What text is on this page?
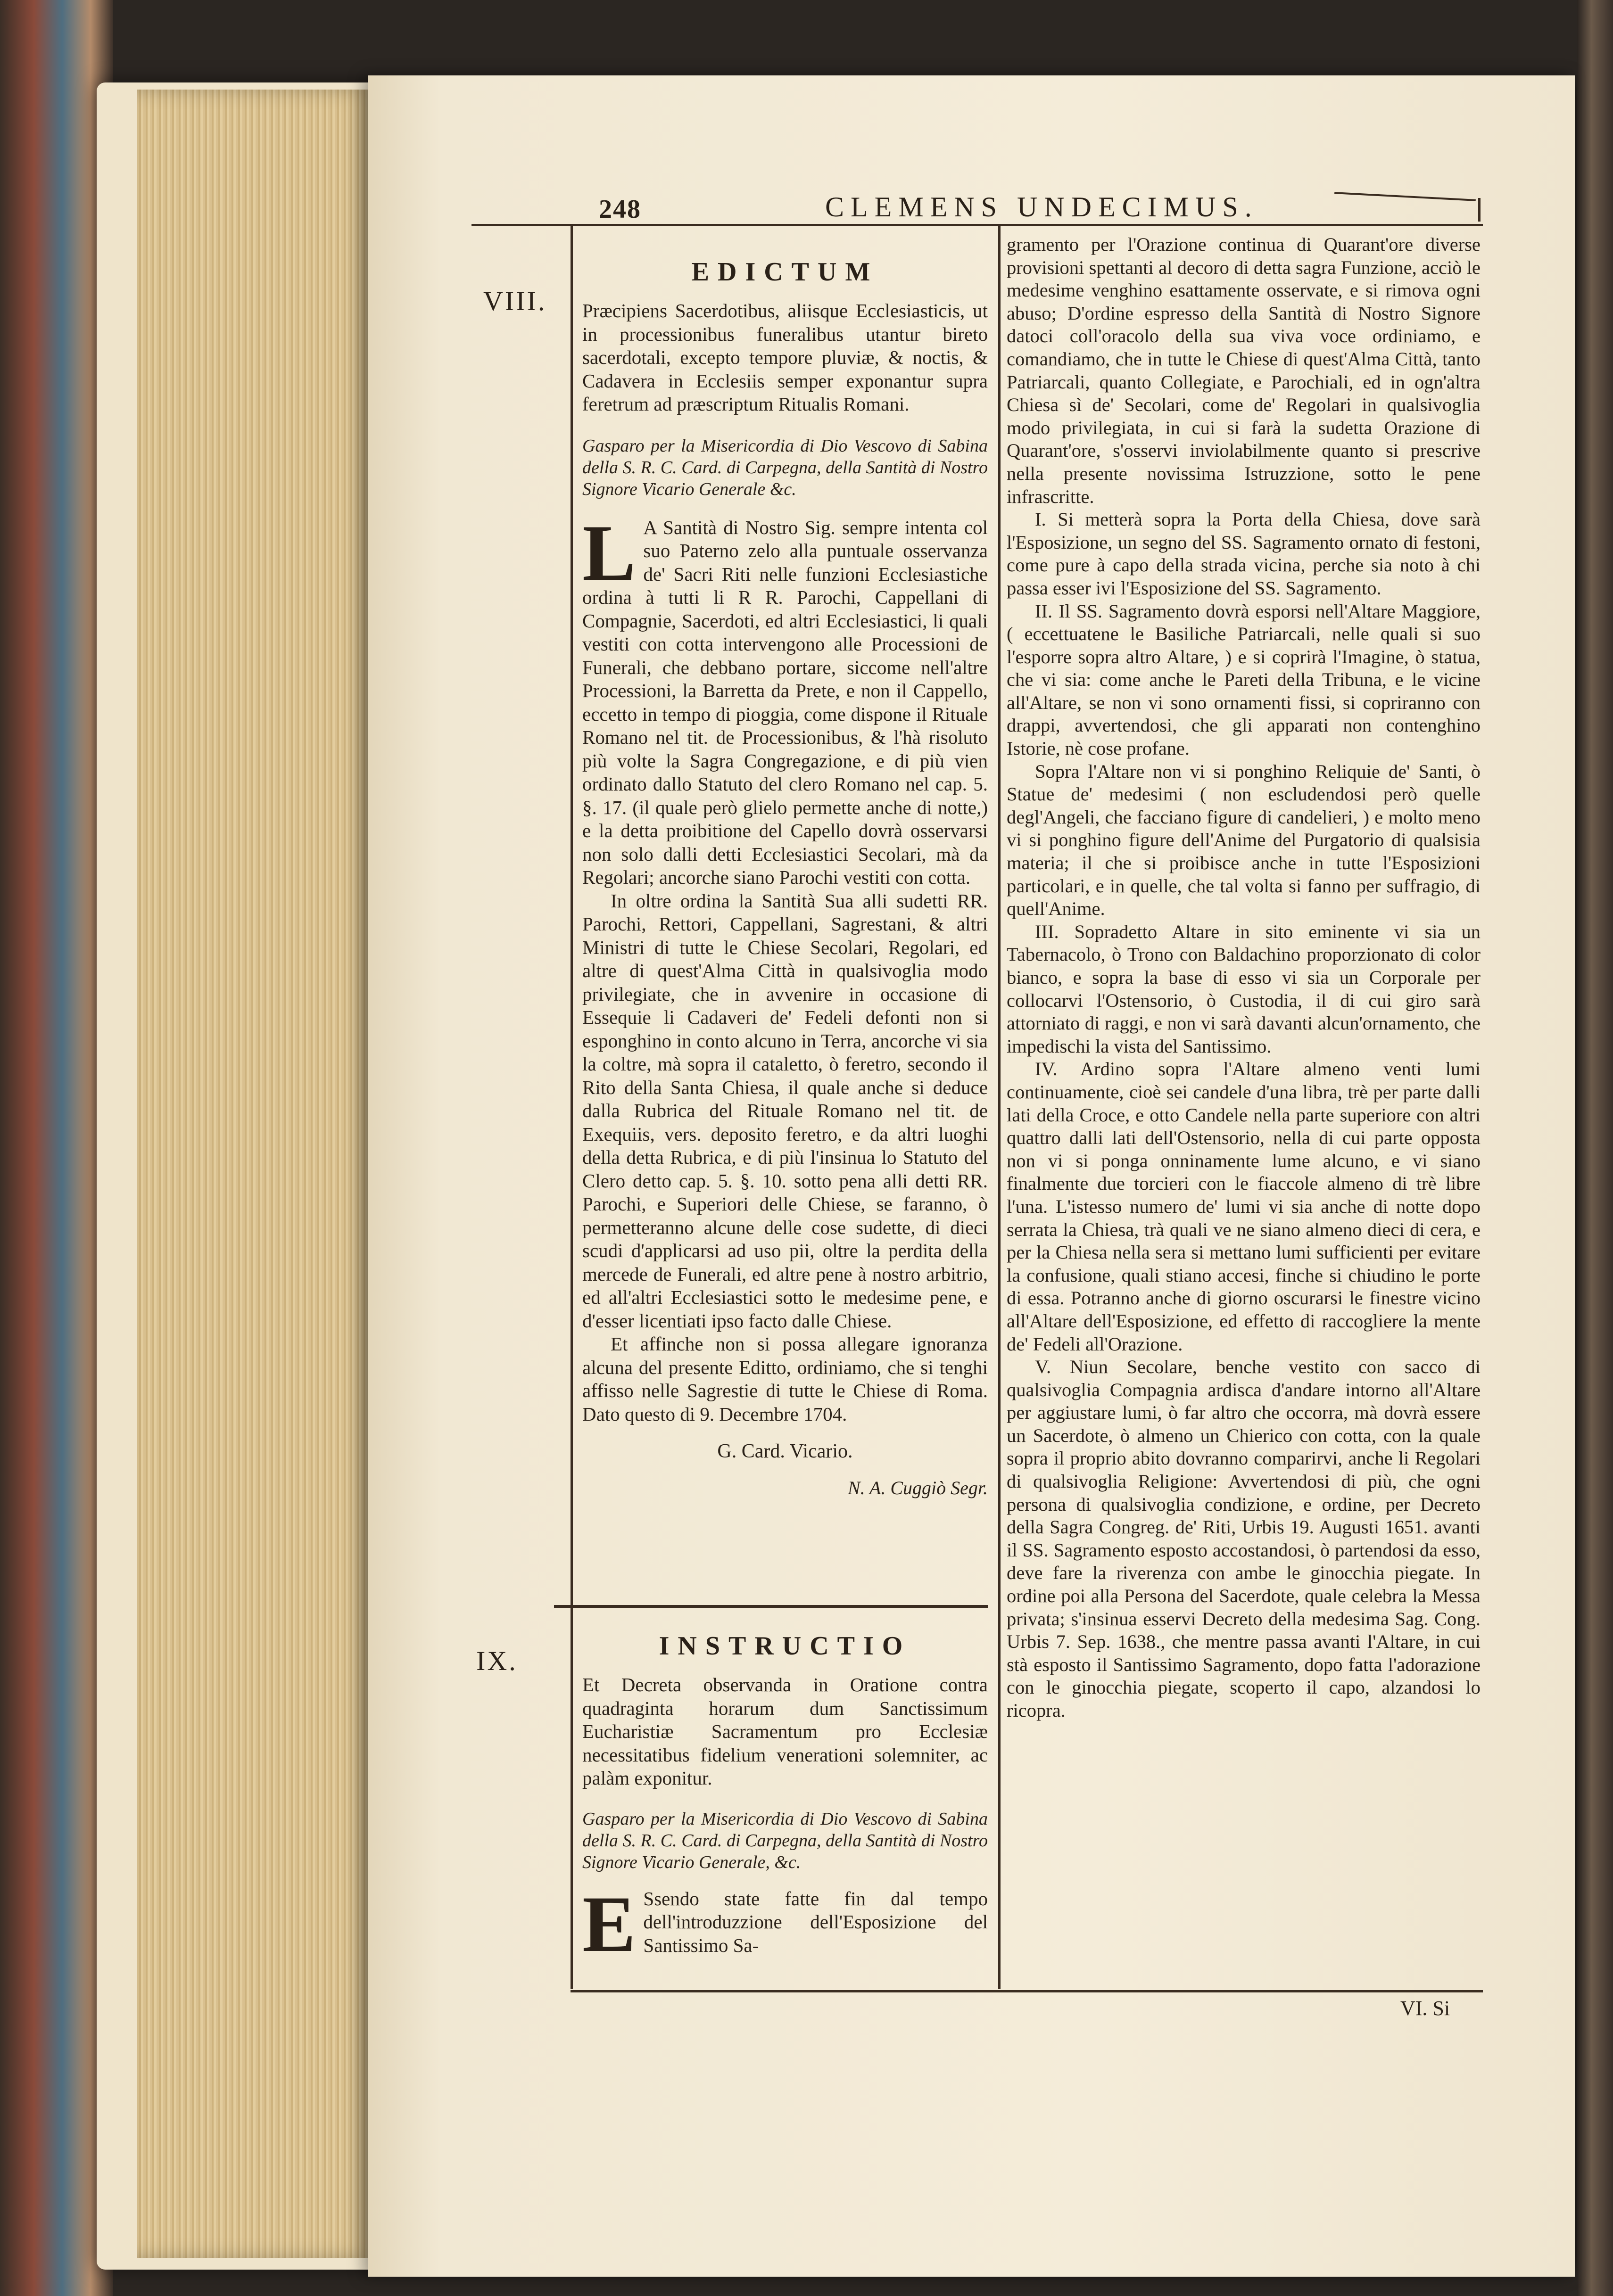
248	CLEMENS UNDECIMUS.
VIII.
IX.
EDICTUM

Præcipiens Sacerdotibus, aliisque Ecclesiasticis, ut in processionibus funeralibus utantur bireto sacerdotali, excepto tempore pluviæ, & noctis, & Cadavera in Ecclesiis semper exponantur supra feretrum ad præscriptum Ritualis Romani.

Gasparo per la Misericordia di Dio Vescovo di Sabina della S. R. C. Card. di Carpegna, della Santità di Nostro Signore Vicario Generale &c.

LA Santità di Nostro Sig. sempre intenta col suo Paterno zelo alla puntuale osservanza de' Sacri Riti nelle funzioni Ecclesiastiche ordina à tutti li R R. Parochi, Cappellani di Compagnie, Sacerdoti, ed altri Ecclesiastici, li quali vestiti con cotta intervengono alle Processioni de Funerali, che debbano portare, siccome nell'altre Processioni, la Barretta da Prete, e non il Cappello, eccetto in tempo di pioggia, come dispone il Rituale Romano nel tit. de Processionibus, & l'hà risoluto più volte la Sagra Congregazione, e di più vien ordinato dallo Statuto del clero Romano nel cap. 5. §. 17. (il quale però glielo permette anche di notte,) e la detta proibitione del Capello dovrà osservarsi non solo dalli detti Ecclesiastici Secolari, mà da Regolari; ancorche siano Parochi vestiti con cotta.

In oltre ordina la Santità Sua alli sudetti RR. Parochi, Rettori, Cappellani, Sagrestani, & altri Ministri di tutte le Chiese Secolari, Regolari, ed altre di quest'Alma Città in qualsivoglia modo privilegiate, che in avvenire in occasione di Essequie li Cadaveri de' Fedeli defonti non si esponghino in conto alcuno in Terra, ancorche vi sia la coltre, mà sopra il cataletto, ò feretro, secondo il Rito della Santa Chiesa, il quale anche si deduce dalla Rubrica del Rituale Romano nel tit. de Exequiis, vers. deposito feretro, e da altri luoghi della detta Rubrica, e di più l'insinua lo Statuto del Clero detto cap. 5. §. 10. sotto pena alli detti RR. Parochi, e Superiori delle Chiese, se faranno, ò permetteranno alcune delle cose sudette, di dieci scudi d'applicarsi ad uso pii, oltre la perdita della mercede de Funerali, ed altre pene à nostro arbitrio, ed all'altri Ecclesiastici sotto le medesime pene, e d'esser licentiati ipso facto dalle Chiese.

Et affinche non si possa allegare ignoranza alcuna del presente Editto, ordiniamo, che si tenghi affisso nelle Sagrestie di tutte le Chiese di Roma. Dato questo di 9. Decembre 1704.

G. Card. Vicario.

N. A. Cuggiò Segr.

INSTRUCTIO

Et Decreta observanda in Oratione contra quadraginta horarum dum Sanctissimum Eucharistiæ Sacramentum pro Ecclesiæ necessitatibus fidelium venerationi solemniter, ac palàm exponitur.

Gasparo per la Misericordia di Dio Vescovo di Sabina della S. R. C. Card. di Carpegna, della Santità di Nostro Signore Vicario Generale, &c.

ESsendo state fatte fin dal tempo dell'introduzzione dell'Esposizione del Santissimo Sa-

gramento per l'Orazione continua di Quarant'ore diverse provisioni spettanti al decoro di detta sagra Funzione, acciò le medesime venghino esattamente osservate, e si rimova ogni abuso; D'ordine espresso della Santità di Nostro Signore datoci coll'oracolo della sua viva voce ordiniamo, e comandiamo, che in tutte le Chiese di quest'Alma Città, tanto Patriarcali, quanto Collegiate, e Parochiali, ed in ogn'altra Chiesa sì de' Secolari, come de' Regolari in qualsivoglia modo privilegiata, in cui si farà la sudetta Orazione di Quarant'ore, s'osservi inviolabilmente quanto si prescrive nella presente novissima Istruzzione, sotto le pene infrascritte.

I. Si metterà sopra la Porta della Chiesa, dove sarà l'Esposizione, un segno del SS. Sagramento ornato di festoni, come pure à capo della strada vicina, perche sia noto à chi passa esser ivi l'Esposizione del SS. Sagramento.

II. Il SS. Sagramento dovrà esporsi nell'Altare Maggiore, ( eccettuatene le Basiliche Patriarcali, nelle quali si suo l'esporre sopra altro Altare, ) e si coprirà l'Imagine, ò statua, che vi sia: come anche le Pareti della Tribuna, e le vicine all'Altare, se non vi sono ornamenti fissi, si copriranno con drappi, avvertendosi, che gli apparati non contenghino Istorie, nè cose profane.

Sopra l'Altare non vi si ponghino Reliquie de' Santi, ò Statue de' medesimi ( non escludendosi però quelle degl'Angeli, che facciano figure di candelieri, ) e molto meno vi si ponghino figure dell'Anime del Purgatorio di qualsisia materia; il che si proibisce anche in tutte l'Esposizioni particolari, e in quelle, che tal volta si fanno per suffragio, di quell'Anime.

III. Sopradetto Altare in sito eminente vi sia un Tabernacolo, ò Trono con Baldachino proporzionato di color bianco, e sopra la base di esso vi sia un Corporale per collocarvi l'Ostensorio, ò Custodia, il di cui giro sarà attorniato di raggi, e non vi sarà davanti alcun'ornamento, che impedischi la vista del Santissimo.

IV. Ardino sopra l'Altare almeno venti lumi continuamente, cioè sei candele d'una libra, trè per parte dalli lati della Croce, e otto Candele nella parte superiore con altri quattro dalli lati dell'Ostensorio, nella di cui parte opposta non vi si ponga onninamente lume alcuno, e vi siano finalmente due torcieri con le fiaccole almeno di trè libre l'una. L'istesso numero de' lumi vi sia anche di notte dopo serrata la Chiesa, trà quali ve ne siano almeno dieci di cera, e per la Chiesa nella sera si mettano lumi sufficienti per evitare la confusione, quali stiano accesi, finche si chiudino le porte di essa. Potranno anche di giorno oscurarsi le finestre vicino all'Altare dell'Esposizione, ed effetto di raccogliere la mente de' Fedeli all'Orazione.

V. Niun Secolare, benche vestito con sacco di qualsivoglia Compagnia ardisca d'andare intorno all'Altare per aggiustare lumi, ò far altro che occorra, mà dovrà essere un Sacerdote, ò almeno un Chierico con cotta, con la quale sopra il proprio abito dovranno comparirvi, anche li Regolari di qualsivoglia Religione: Avvertendosi di più, che ogni persona di qualsivoglia condizione, e ordine, per Decreto della Sagra Congreg. de' Riti, Urbis 19. Augusti 1651. avanti il SS. Sagramento esposto accostandosi, ò partendosi da esso, deve fare la riverenza con ambe le ginocchia piegate. In ordine poi alla Persona del Sacerdote, quale celebra la Messa privata; s'insinua esservi Decreto della medesima Sag. Cong. Urbis 7. Sep. 1638., che mentre passa avanti l'Altare, in cui stà esposto il Santissimo Sagramento, dopo fatta l'adorazione con le ginocchia piegate, scoperto il capo, alzandosi lo ricopra.

VI. Si
